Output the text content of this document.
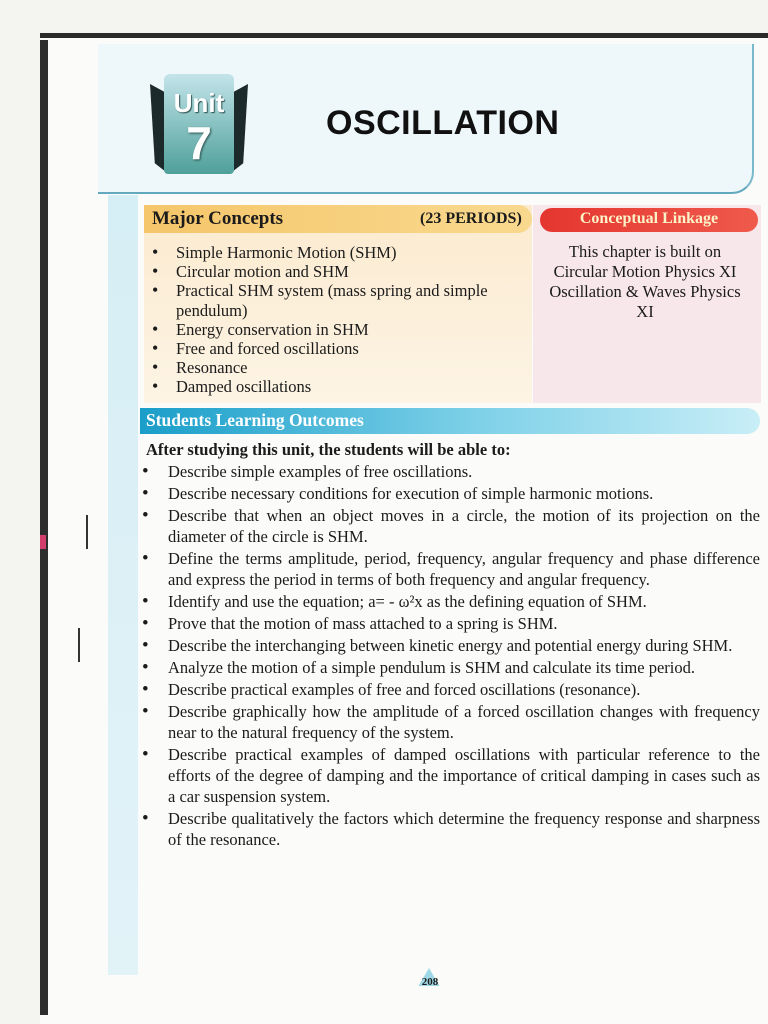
Unit
7	OSCILLATION
Major Concepts	(23 PERIODS)
• Simple Harmonic Motion (SHM)
• Circular motion and SHM
• Practical SHM system (mass spring and simple pendulum)
• Energy conservation in SHM
• Free and forced oscillations
• Resonance
• Damped oscillations
Conceptual Linkage
This chapter is built on
Circular Motion Physics XI
Oscillation & Waves Physics XI
Students Learning Outcomes
After studying this unit, the students will be able to:
• Describe simple examples of free oscillations.
• Describe necessary conditions for execution of simple harmonic motions.
• Describe that when an object moves in a circle, the motion of its projection on the diameter of the circle is SHM.
• Define the terms amplitude, period, frequency, angular frequency and phase difference and express the period in terms of both frequency and angular frequency.
• Identify and use the equation; a= - ω²x as the defining equation of SHM.
• Prove that the motion of mass attached to a spring is SHM.
• Describe the interchanging between kinetic energy and potential energy during SHM.
• Analyze the motion of a simple pendulum is SHM and calculate its time period.
• Describe practical examples of free and forced oscillations (resonance).
• Describe graphically how the amplitude of a forced oscillation changes with frequency near to the natural frequency of the system.
• Describe practical examples of damped oscillations with particular reference to the efforts of the degree of damping and the importance of critical damping in cases such as a car suspension system.
• Describe qualitatively the factors which determine the frequency response and sharpness of the resonance.
208
